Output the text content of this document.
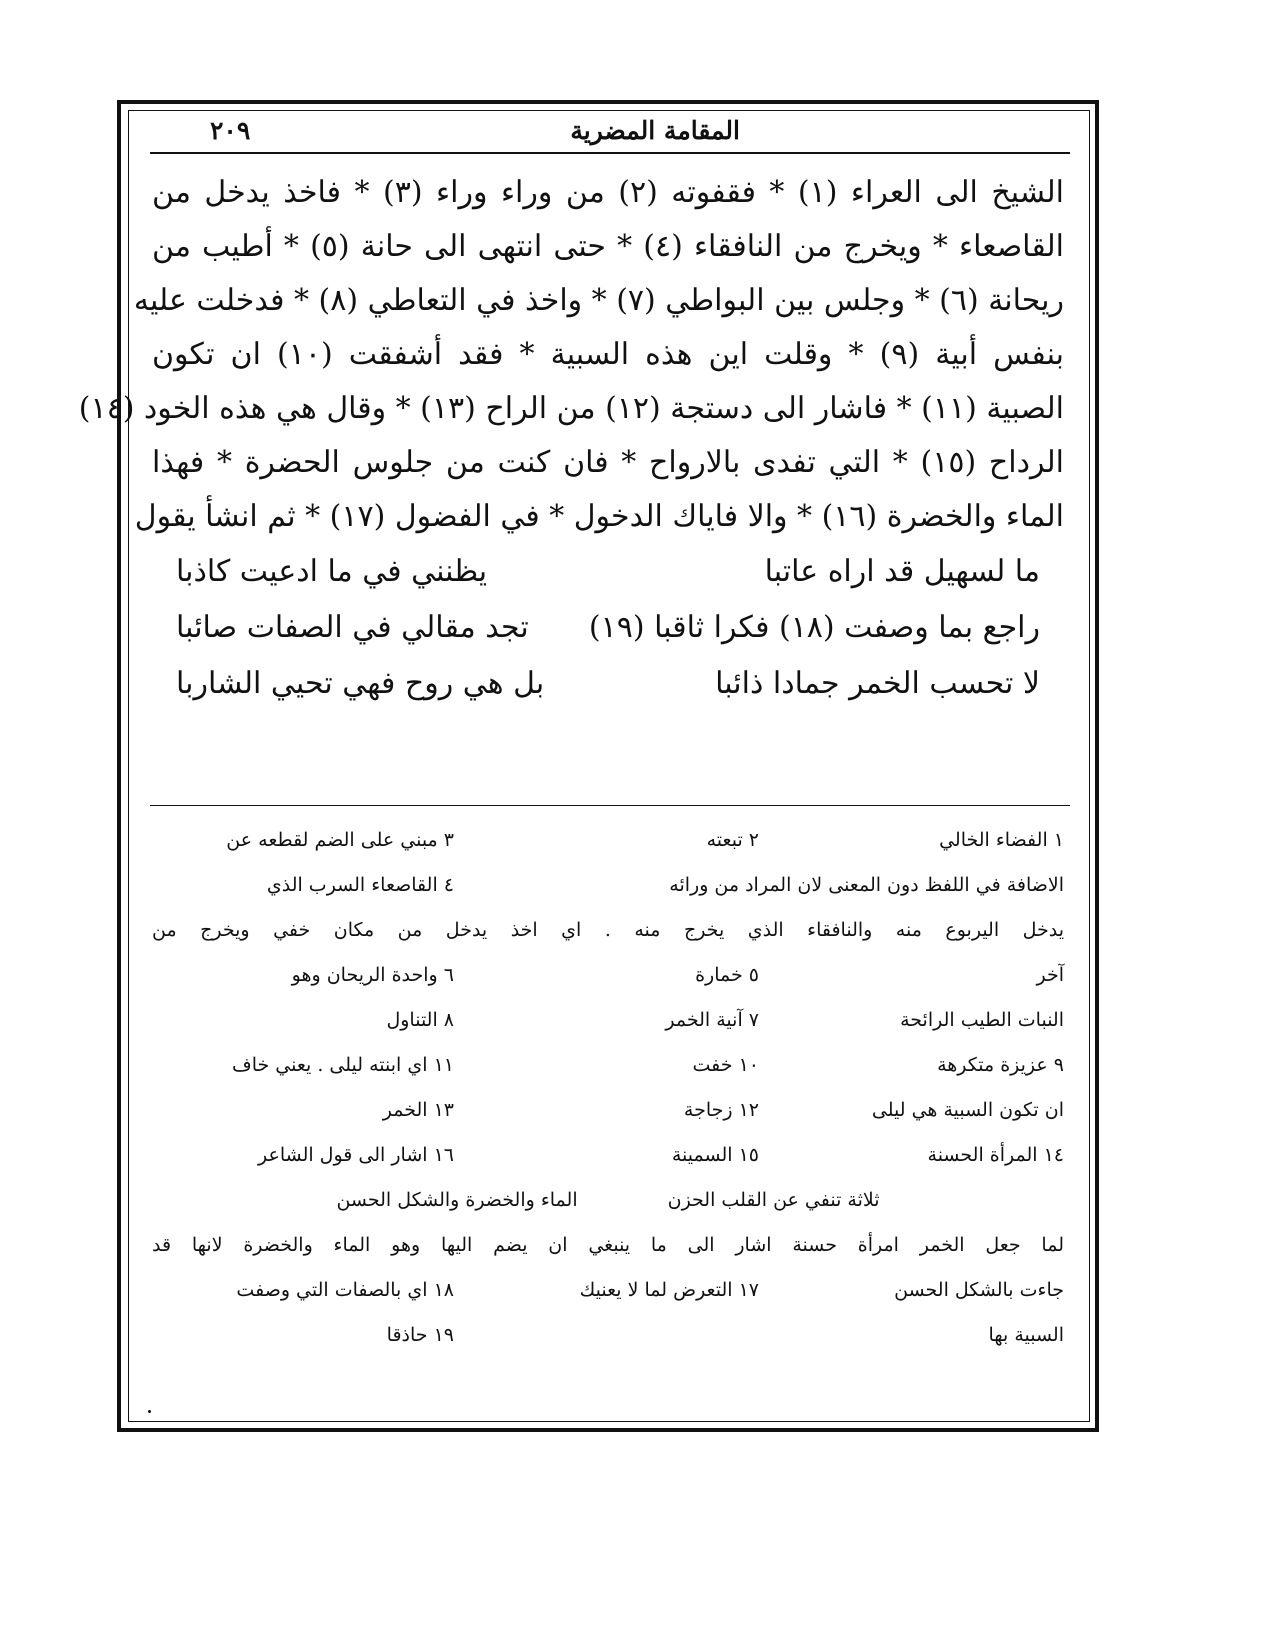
المقامة المضرية
٢٠٩
الشيخ الى العراء (١) * فقفوته (٢) من وراء وراء (٣) * فاخذ يدخل من
القاصعاء * ويخرج من النافقاء (٤) * حتى انتهى الى حانة (٥) * أطيب من
ريحانة (٦) * وجلس بين البواطي (٧) * واخذ في التعاطي (٨) * فدخلت عليه
بنفس أبية (٩) * وقلت اين هذه السبية * فقد أشفقت (١٠) ان تكون
الصبية (١١) * فاشار الى دستجة (١٢) من الراح (١٣) * وقال هي هذه الخود (١٤)
الرداح (١٥) * التي تفدى بالارواح * فان كنت من جلوس الحضرة * فهذا
الماء والخضرة (١٦) * والا فاياك الدخول * في الفضول (١٧) * ثم انشأ يقول
ما لسهيل قد اراه عاتبا
يظنني في ما ادعيت كاذبا
راجع بما وصفت (١٨) فكرا ثاقبا (١٩)
تجد مقالي في الصفات صائبا
لا تحسب الخمر جمادا ذائبا
بل هي روح فهي تحيي الشاربا
١ الفضاء الخالي
٢ تبعته
٣ مبني على الضم لقطعه عن
الاضافة في اللفظ دون المعنى لان المراد من ورائه
٤ القاصعاء السرب الذي
يدخل اليربوع منه والنافقاء الذي يخرج منه . اي اخذ يدخل من مكان خفي ويخرج من
آخر
٥ خمارة
٦ واحدة الريحان وهو
النبات الطيب الرائحة
٧ آنية الخمر
٨ التناول
٩ عزيزة متكرهة
١٠ خفت
١١ اي ابنته ليلى . يعني خاف
ان تكون السبية هي ليلى
١٢ زجاجة
١٣ الخمر
١٤ المرأة الحسنة
١٥ السمينة
١٦ اشار الى قول الشاعر
ثلاثة تنفي عن القلب الحزن
الماء والخضرة والشكل الحسن
لما جعل الخمر امرأة حسنة اشار الى ما ينبغي ان يضم اليها وهو الماء والخضرة لانها قد
جاءت بالشكل الحسن
١٧ التعرض لما لا يعنيك
١٨ اي بالصفات التي وصفت
السبية بها
١٩ حاذقا
